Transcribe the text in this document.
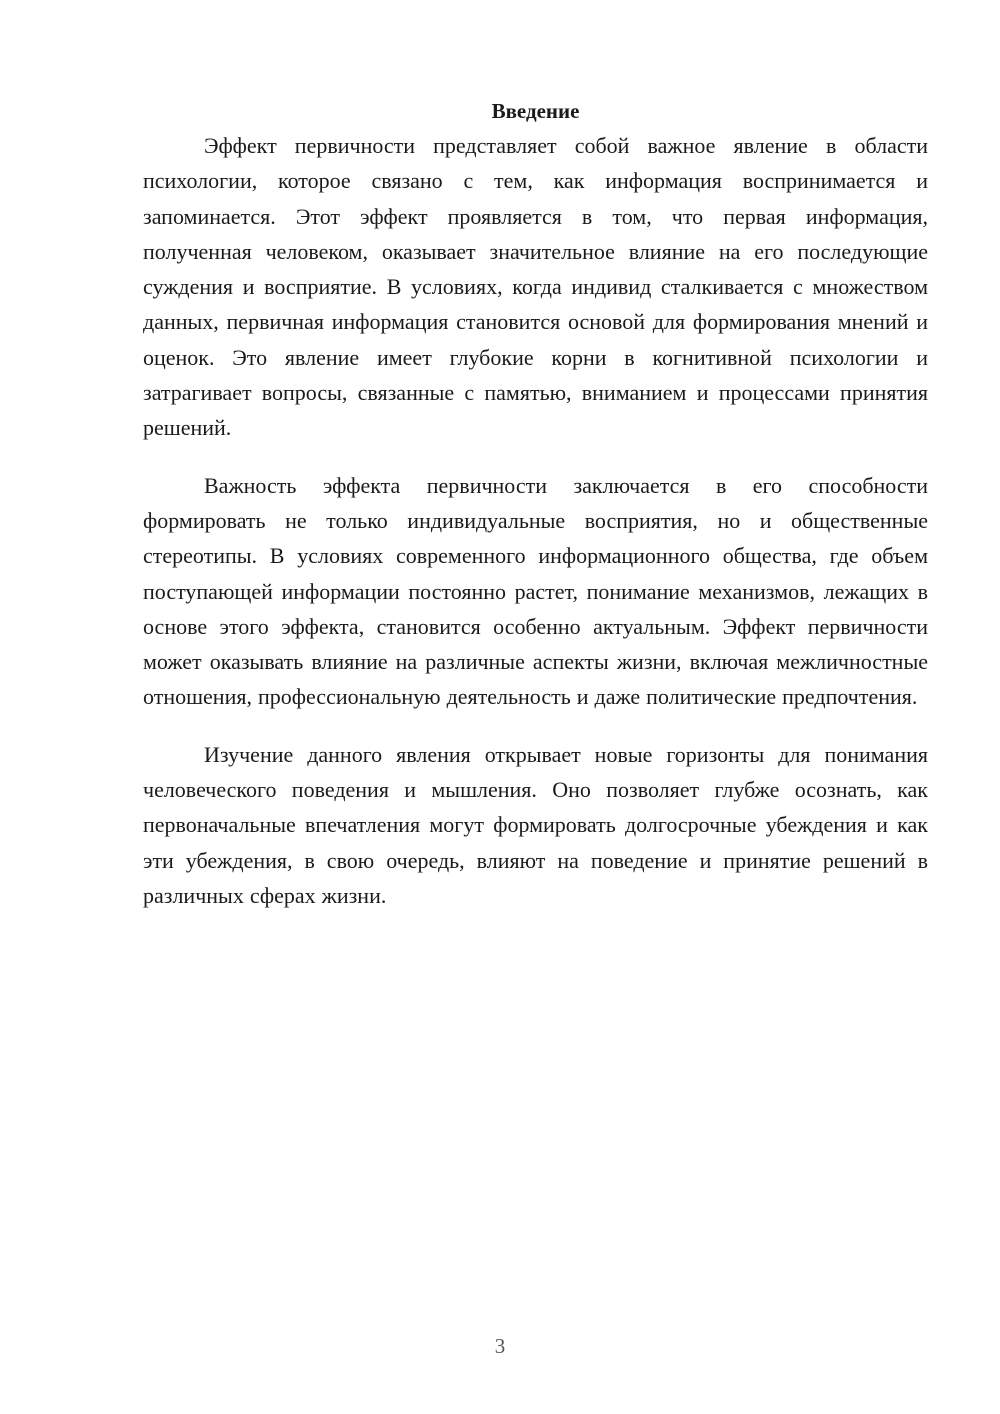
Введение

Эффект первичности представляет собой важное явление в области психологии, которое связано с тем, как информация воспринимается и запоминается. Этот эффект проявляется в том, что первая информация, полученная человеком, оказывает значительное влияние на его последующие суждения и восприятие. В условиях, когда индивид сталкивается с множеством данных, первичная информация становится основой для формирования мнений и оценок. Это явление имеет глубокие корни в когнитивной психологии и затрагивает вопросы, связанные с памятью, вниманием и процессами принятия решений.

Важность эффекта первичности заключается в его способности формировать не только индивидуальные восприятия, но и общественные стереотипы. В условиях современного информационного общества, где объем поступающей информации постоянно растет, понимание механизмов, лежащих в основе этого эффекта, становится особенно актуальным. Эффект первичности может оказывать влияние на различные аспекты жизни, включая межличностные отношения, профессиональную деятельность и даже политические предпочтения.

Изучение данного явления открывает новые горизонты для понимания человеческого поведения и мышления. Оно позволяет глубже осознать, как первоначальные впечатления могут формировать долгосрочные убеждения и как эти убеждения, в свою очередь, влияют на поведение и принятие решений в различных сферах жизни.

3
